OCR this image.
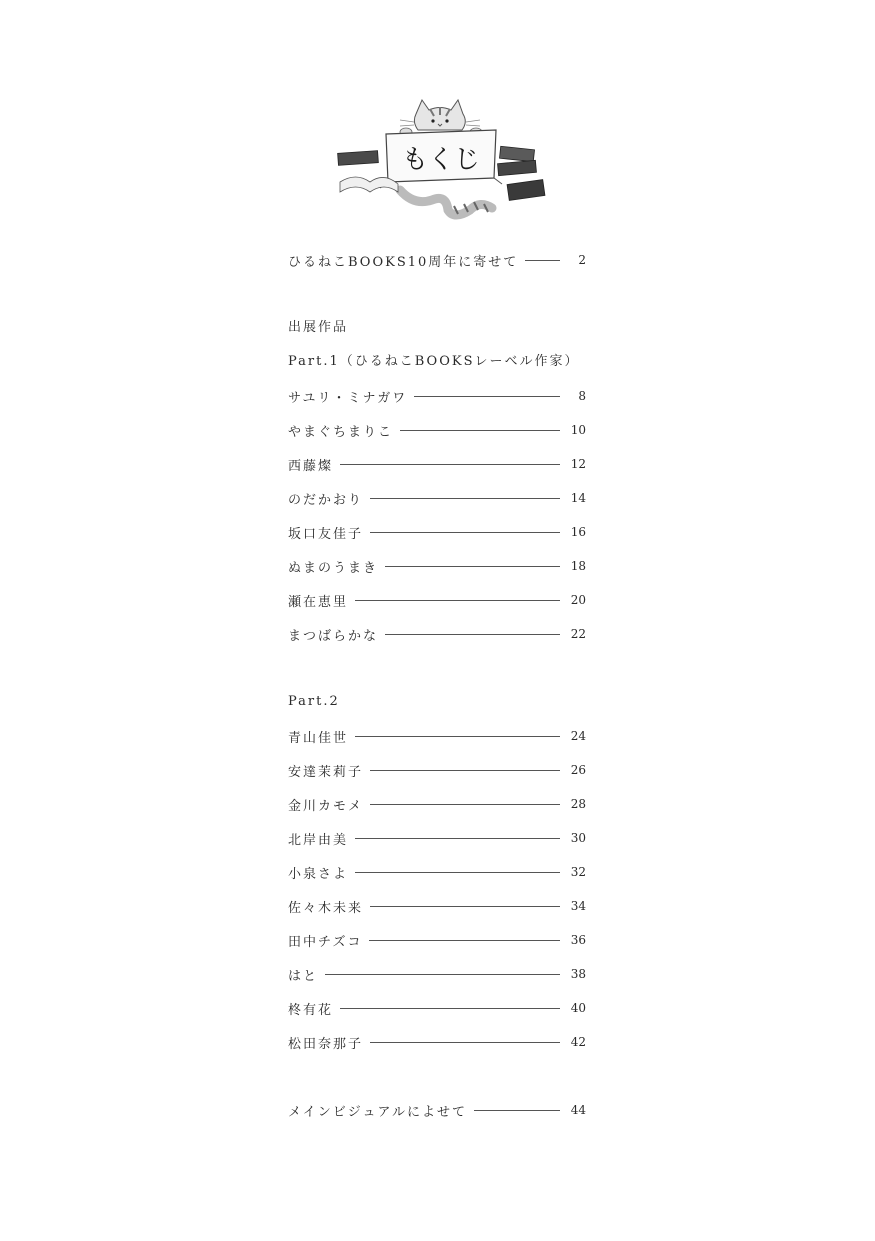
もくじ
ひるねこBOOKS10周年に寄せて	2
出展作品
Part.1（ひるねこBOOKSレーベル作家）
サユリ・ミナガワ	8
やまぐちまりこ	10
西藤燦	12
のだかおり	14
坂口友佳子	16
ぬまのうまき	18
瀬在恵里	20
まつばらかな	22
Part.2
青山佳世	24
安達茉莉子	26
金川カモメ	28
北岸由美	30
小泉さよ	32
佐々木未来	34
田中チズコ	36
はと	38
柊有花	40
松田奈那子	42
メインビジュアルによせて	44
